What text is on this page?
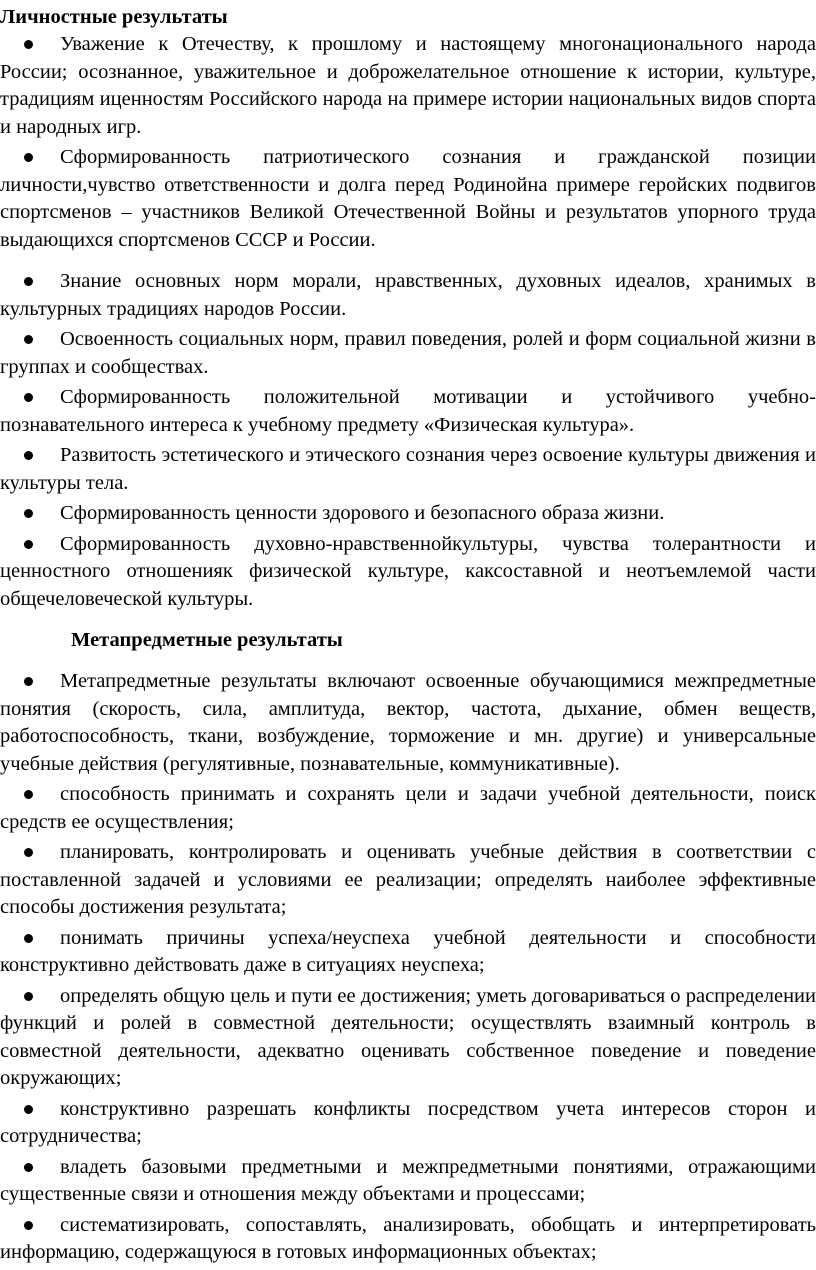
Личностные результаты

Уважение к Отечеству, к прошлому и настоящему многонационального народа России; осознанное, уважительное и доброжелательное отношение к истории, культуре, традициям иценностям Российского народа на примере истории национальных видов спорта и народных игр.

Сформированность патриотического сознания и гражданской позиции личности,чувство ответственности и долга перед Родинойна примере геройских подвигов спортсменов – участников Великой Отечественной Войны и результатов упорного труда выдающихся спортсменов СССР и России.

Знание основных норм морали, нравственных, духовных идеалов, хранимых в культурных традициях народов России.

Освоенность социальных норм, правил поведения, ролей и форм социальной жизни в группах и сообществах.

Сформированность положительной мотивации и устойчивого учебно-познавательного интереса к учебному предмету «Физическая культура».

Развитость эстетического и этического сознания через освоение культуры движения и культуры тела.

Сформированность ценности здорового и безопасного образа жизни.

Сформированность духовно-нравственнойкультуры, чувства толерантности и ценностного отношенияк физической культуре, каксоставной и неотъемлемой части общечеловеческой культуры.

Метапредметные результаты

Метапредметные результаты включают освоенные обучающимися межпредметные понятия (скорость, сила, амплитуда, вектор, частота, дыхание, обмен веществ, работоспособность, ткани, возбуждение, торможение и мн. другие) и универсальные учебные действия (регулятивные, познавательные, коммуникативные).

способность принимать и сохранять цели и задачи учебной деятельности, поиск средств ее осуществления;

планировать, контролировать и оценивать учебные действия в соответствии с поставленной задачей и условиями ее реализации; определять наиболее эффективные способы достижения результата;

понимать причины успеха/неуспеха учебной деятельности и способности конструктивно действовать даже в ситуациях неуспеха;

определять общую цель и пути ее достижения; уметь договариваться о распределении функций и ролей в совместной деятельности; осуществлять взаимный контроль в совместной деятельности, адекватно оценивать собственное поведение и поведение окружающих;

конструктивно разрешать конфликты посредством учета интересов сторон и сотрудничества;

владеть базовыми предметными и межпредметными понятиями, отражающими существенные связи и отношения между объектами и процессами;

систематизировать, сопоставлять, анализировать, обобщать и интерпретировать информацию, содержащуюся в готовых информационных объектах;
